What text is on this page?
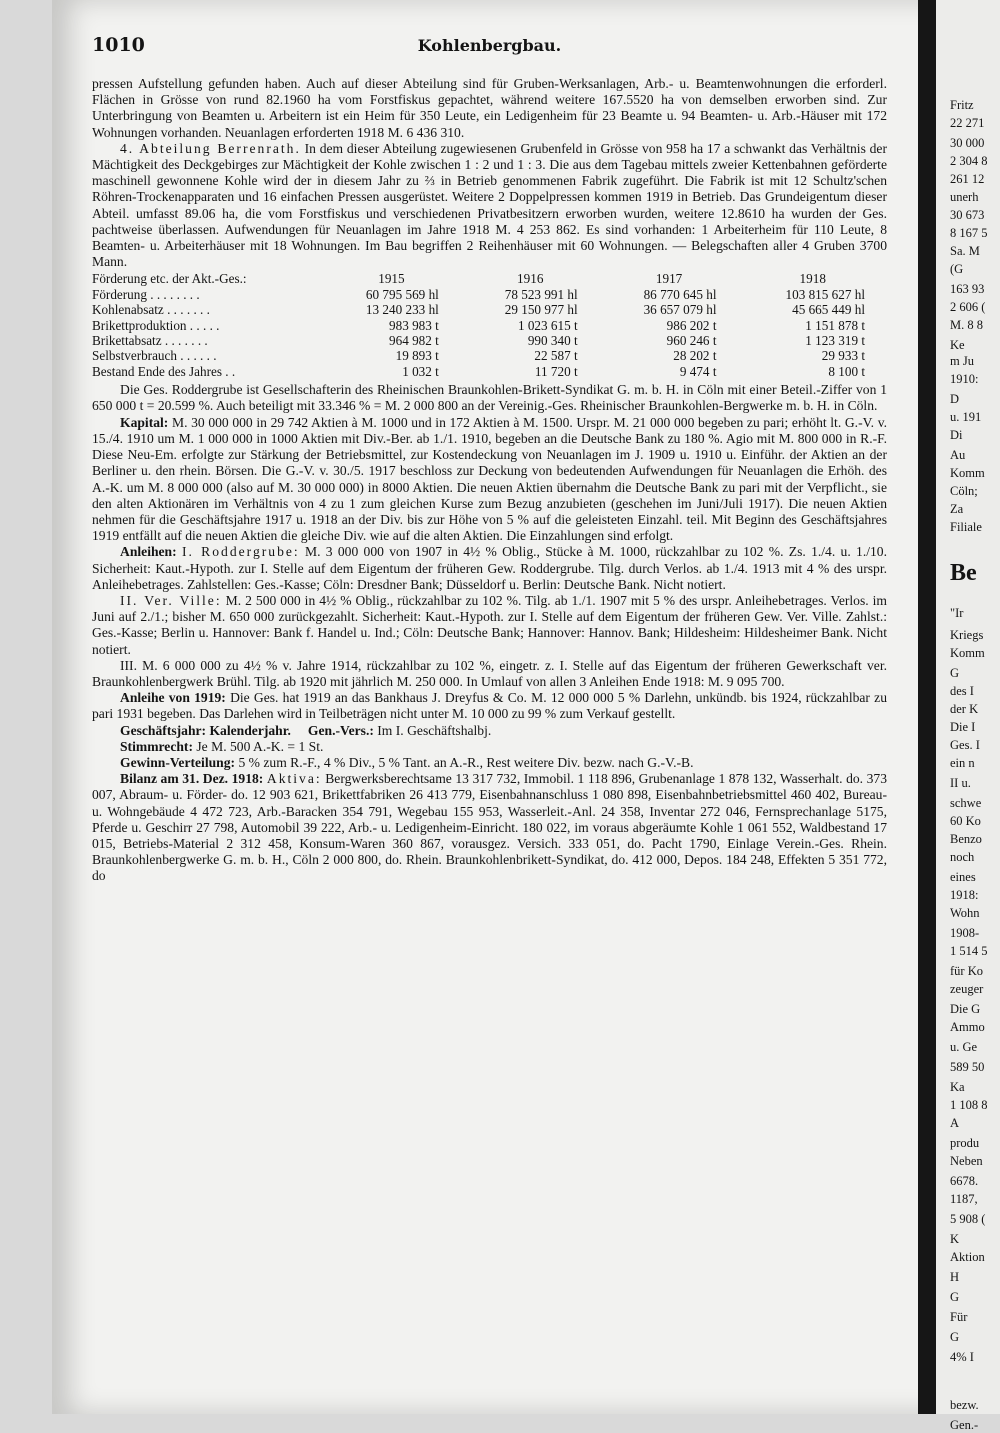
1010	Kohlenbergbau.

pressen Aufstellung gefunden haben. Auch auf dieser Abteilung sind für Gruben-Werksanlagen, Arb.- u. Beamtenwohnungen die erforderl. Flächen in Grösse von rund 82.1960 ha vom Forstfiskus gepachtet, während weitere 167.5520 ha von demselben erworben sind. Zur Unterbringung von Beamten u. Arbeitern ist ein Heim für 350 Leute, ein Ledigenheim für 23 Beamte u. 94 Beamten- u. Arb.-Häuser mit 172 Wohnungen vorhanden. Neuanlagen erforderten 1918 M. 6 436 310.

4. Abteilung Berrenrath. In dem dieser Abteilung zugewiesenen Grubenfeld in Grösse von 958 ha 17 a schwankt das Verhältnis der Mächtigkeit des Deckgebirges zur Mächtigkeit der Kohle zwischen 1 : 2 und 1 : 3. Die aus dem Tagebau mittels zweier Kettenbahnen geförderte maschinell gewonnene Kohle wird der in diesem Jahr zu ⅔ in Betrieb genommenen Fabrik zugeführt. Die Fabrik ist mit 12 Schultz'schen Röhren-Trockenapparaten und 16 einfachen Pressen ausgerüstet. Weitere 2 Doppelpressen kommen 1919 in Betrieb. Das Grundeigentum dieser Abteil. umfasst 89.06 ha, die vom Forstfiskus und verschiedenen Privatbesitzern erworben wurden, weitere 12.8610 ha wurden der Ges. pachtweise überlassen. Aufwendungen für Neuanlagen im Jahre 1918 M. 4 253 862. Es sind vorhanden: 1 Arbeiterheim für 110 Leute, 8 Beamten- u. Arbeiterhäuser mit 18 Wohnungen. Im Bau begriffen 2 Reihenhäuser mit 60 Wohnungen. — Belegschaften aller 4 Gruben 3700 Mann.

Förderung etc. der Akt.-Ges.:	1915	1916	1917	1918
Förderung . . . . . . . .	60 795 569 hl	78 523 991 hl	86 770 645 hl	103 815 627 hl
Kohlenabsatz . . . . . . .	13 240 233 hl	29 150 977 hl	36 657 079 hl	45 665 449 hl
Brikettproduktion . . . . .	983 983 t	1 023 615 t	986 202 t	1 151 878 t
Brikettabsatz . . . . . . .	964 982 t	990 340 t	960 246 t	1 123 319 t
Selbstverbrauch . . . . . .	19 893 t	22 587 t	28 202 t	29 933 t
Bestand Ende des Jahres . .	1 032 t	11 720 t	9 474 t	8 100 t

Die Ges. Roddergrube ist Gesellschafterin des Rheinischen Braunkohlen-Brikett-Syndikat G. m. b. H. in Cöln mit einer Beteil.-Ziffer von 1 650 000 t = 20.599 %. Auch beteiligt mit 33.346 % = M. 2 000 800 an der Vereinig.-Ges. Rheinischer Braunkohlen-Bergwerke m. b. H. in Cöln.

Kapital: M. 30 000 000 in 29 742 Aktien à M. 1000 und in 172 Aktien à M. 1500. Urspr. M. 21 000 000 begeben zu pari; erhöht lt. G.-V. v. 15./4. 1910 um M. 1 000 000 in 1000 Aktien mit Div.-Ber. ab 1./1. 1910, begeben an die Deutsche Bank zu 180 %. Agio mit M. 800 000 in R.-F. Diese Neu-Em. erfolgte zur Stärkung der Betriebsmittel, zur Kostendeckung von Neuanlagen im J. 1909 u. 1910 u. Einführ. der Aktien an der Berliner u. den rhein. Börsen. Die G.-V. v. 30./5. 1917 beschloss zur Deckung von bedeutenden Aufwendungen für Neuanlagen die Erhöh. des A.-K. um M. 8 000 000 (also auf M. 30 000 000) in 8000 Aktien. Die neuen Aktien übernahm die Deutsche Bank zu pari mit der Verpflicht., sie den alten Aktionären im Verhältnis von 4 zu 1 zum gleichen Kurse zum Bezug anzubieten (geschehen im Juni/Juli 1917). Die neuen Aktien nehmen für die Geschäftsjahre 1917 u. 1918 an der Div. bis zur Höhe von 5 % auf die geleisteten Einzahl. teil. Mit Beginn des Geschäftsjahres 1919 entfällt auf die neuen Aktien die gleiche Div. wie auf die alten Aktien. Die Einzahlungen sind erfolgt.

Anleihen: I. Roddergrube: M. 3 000 000 von 1907 in 4½ % Oblig., Stücke à M. 1000, rückzahlbar zu 102 %. Zs. 1./4. u. 1./10. Sicherheit: Kaut.-Hypoth. zur I. Stelle auf dem Eigentum der früheren Gew. Roddergrube. Tilg. durch Verlos. ab 1./4. 1913 mit 4 % des urspr. Anleihebetrages. Zahlstellen: Ges.-Kasse; Cöln: Dresdner Bank; Düsseldorf u. Berlin: Deutsche Bank. Nicht notiert.

II. Ver. Ville: M. 2 500 000 in 4½ % Oblig., rückzahlbar zu 102 %. Tilg. ab 1./1. 1907 mit 5 % des urspr. Anleihebetrages. Verlos. im Juni auf 2./1.; bisher M. 650 000 zurückgezahlt. Sicherheit: Kaut.-Hypoth. zur I. Stelle auf dem Eigentum der früheren Gew. Ver. Ville. Zahlst.: Ges.-Kasse; Berlin u. Hannover: Bank f. Handel u. Ind.; Cöln: Deutsche Bank; Hannover: Hannov. Bank; Hildesheim: Hildesheimer Bank. Nicht notiert.

III. M. 6 000 000 zu 4½ % v. Jahre 1914, rückzahlbar zu 102 %, eingetr. z. I. Stelle auf das Eigentum der früheren Gewerkschaft ver. Braunkohlenbergwerk Brühl. Tilg. ab 1920 mit jährlich M. 250 000. In Umlauf von allen 3 Anleihen Ende 1918: M. 9 095 700.

Anleihe von 1919: Die Ges. hat 1919 an das Bankhaus J. Dreyfus & Co. M. 12 000 000 5 % Darlehn, unkündb. bis 1924, rückzahlbar zu pari 1931 begeben. Das Darlehen wird in Teilbeträgen nicht unter M. 10 000 zu 99 % zum Verkauf gestellt.

Geschäftsjahr: Kalenderjahr. Gen.-Vers.: Im I. Geschäftshalbj.

Stimmrecht: Je M. 500 A.-K. = 1 St.

Gewinn-Verteilung: 5 % zum R.-F., 4 % Div., 5 % Tant. an A.-R., Rest weitere Div. bezw. nach G.-V.-B.

Bilanz am 31. Dez. 1918: Aktiva: Bergwerksberechtsame 13 317 732, Immobil. 1 118 896, Grubenanlage 1 878 132, Wasserhalt. do. 373 007, Abraum- u. Förder- do. 12 903 621, Brikettfabriken 26 413 779, Eisenbahnanschluss 1 080 898, Eisenbahnbetriebsmittel 460 402, Bureau- u. Wohngebäude 4 472 723, Arb.-Baracken 354 791, Wegebau 155 953, Wasserleit.-Anl. 24 358, Inventar 272 046, Fernsprechanlage 5175, Pferde u. Geschirr 27 798, Automobil 39 222, Arb.- u. Ledigenheim-Einricht. 180 022, im voraus abgeräumte Kohle 1 061 552, Waldbestand 17 015, Betriebs-Material 2 312 458, Konsum-Waren 360 867, vorausgez. Versich. 333 051, do. Pacht 1790, Einlage Verein.-Ges. Rhein. Braunkohlenbergwerke G. m. b. H., Cöln 2 000 800, do. Rhein. Braunkohlenbrikett-Syndikat, do. 412 000, Depos. 184 248, Effekten 5 351 772, do

Fritz
22 271
30 000
2 304 8
261 12
unerh
30 673
8 167 5
Sa. M
(G
163 93
2 606 (
M. 8 8
Ke
m Ju
1910:
D
u. 191
Di
Au
Komm
Cöln;
Za
Filiale
Be
"Ir
Kriegs
Komm
G
des I
der K
Die I
Ges. I
ein n
II u.
schwe
60 Ko
Benzo
noch
eines
1918:
Wohn
1908-
1 514 5
für Ko
zeuger
Die G
Ammo
u. Ge
589 50
Ka
1 108 8
A
produ
Neben
6678.
1187,
5 908 (
K
Aktion
H
G
Für
G
4% I
bezw.
Gen.-
